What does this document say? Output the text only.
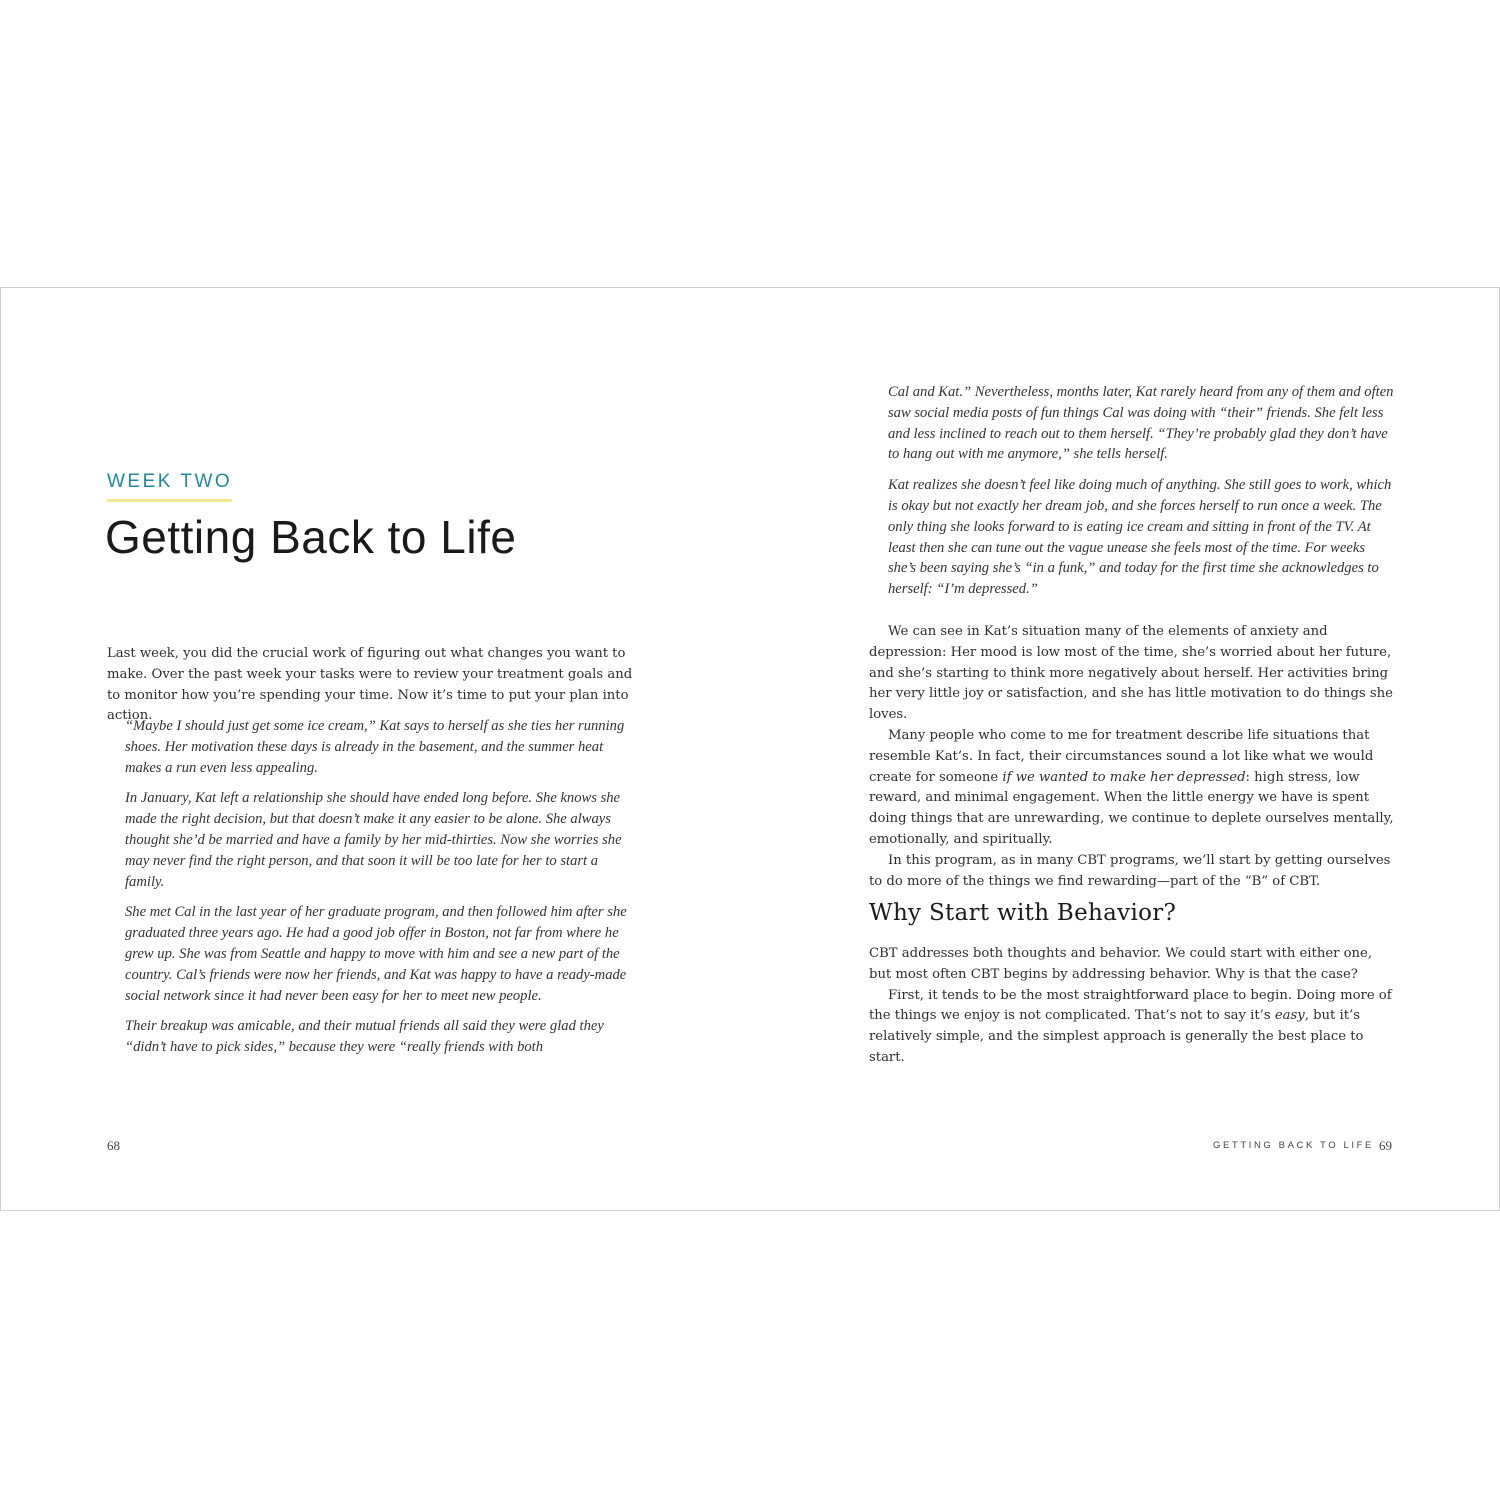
WEEK TWO
Getting Back to Life

Last week, you did the crucial work of figuring out what changes you want to make. Over the past week your tasks were to review your treatment goals and to monitor how you’re spending your time. Now it’s time to put your plan into action.

“Maybe I should just get some ice cream,” Kat says to herself as she ties her running shoes. Her motivation these days is already in the basement, and the summer heat makes a run even less appealing.

In January, Kat left a relationship she should have ended long before. She knows she made the right decision, but that doesn’t make it any easier to be alone. She always thought she’d be married and have a family by her mid-thirties. Now she worries she may never find the right person, and that soon it will be too late for her to start a family.

She met Cal in the last year of her graduate program, and then followed him after she graduated three years ago. He had a good job offer in Boston, not far from where he grew up. She was from Seattle and happy to move with him and see a new part of the country. Cal’s friends were now her friends, and Kat was happy to have a ready-made social network since it had never been easy for her to meet new people.

Their breakup was amicable, and their mutual friends all said they were glad they “didn’t have to pick sides,” because they were “really friends with both

68

Cal and Kat.” Nevertheless, months later, Kat rarely heard from any of them and often saw social media posts of fun things Cal was doing with “their” friends. She felt less and less inclined to reach out to them herself. “They’re probably glad they don’t have to hang out with me anymore,” she tells herself.

Kat realizes she doesn’t feel like doing much of anything. She still goes to work, which is okay but not exactly her dream job, and she forces herself to run once a week. The only thing she looks forward to is eating ice cream and sitting in front of the TV. At least then she can tune out the vague unease she feels most of the time. For weeks she’s been saying she’s “in a funk,” and today for the first time she acknowledges to herself: “I’m depressed.”

We can see in Kat’s situation many of the elements of anxiety and depression: Her mood is low most of the time, she’s worried about her future, and she’s starting to think more negatively about herself. Her activities bring her very little joy or satisfaction, and she has little motivation to do things she loves.

Many people who come to me for treatment describe life situations that resemble Kat’s. In fact, their circumstances sound a lot like what we would create for someone if we wanted to make her depressed: high stress, low reward, and minimal engagement. When the little energy we have is spent doing things that are unrewarding, we continue to deplete ourselves mentally, emotionally, and spiritually.

In this program, as in many CBT programs, we’ll start by getting ourselves to do more of the things we find rewarding—part of the “B” of CBT.

Why Start with Behavior?

CBT addresses both thoughts and behavior. We could start with either one, but most often CBT begins by addressing behavior. Why is that the case?

First, it tends to be the most straightforward place to begin. Doing more of the things we enjoy is not complicated. That’s not to say it’s easy, but it’s relatively simple, and the simplest approach is generally the best place to start.

GETTING BACK TO LIFE 69
